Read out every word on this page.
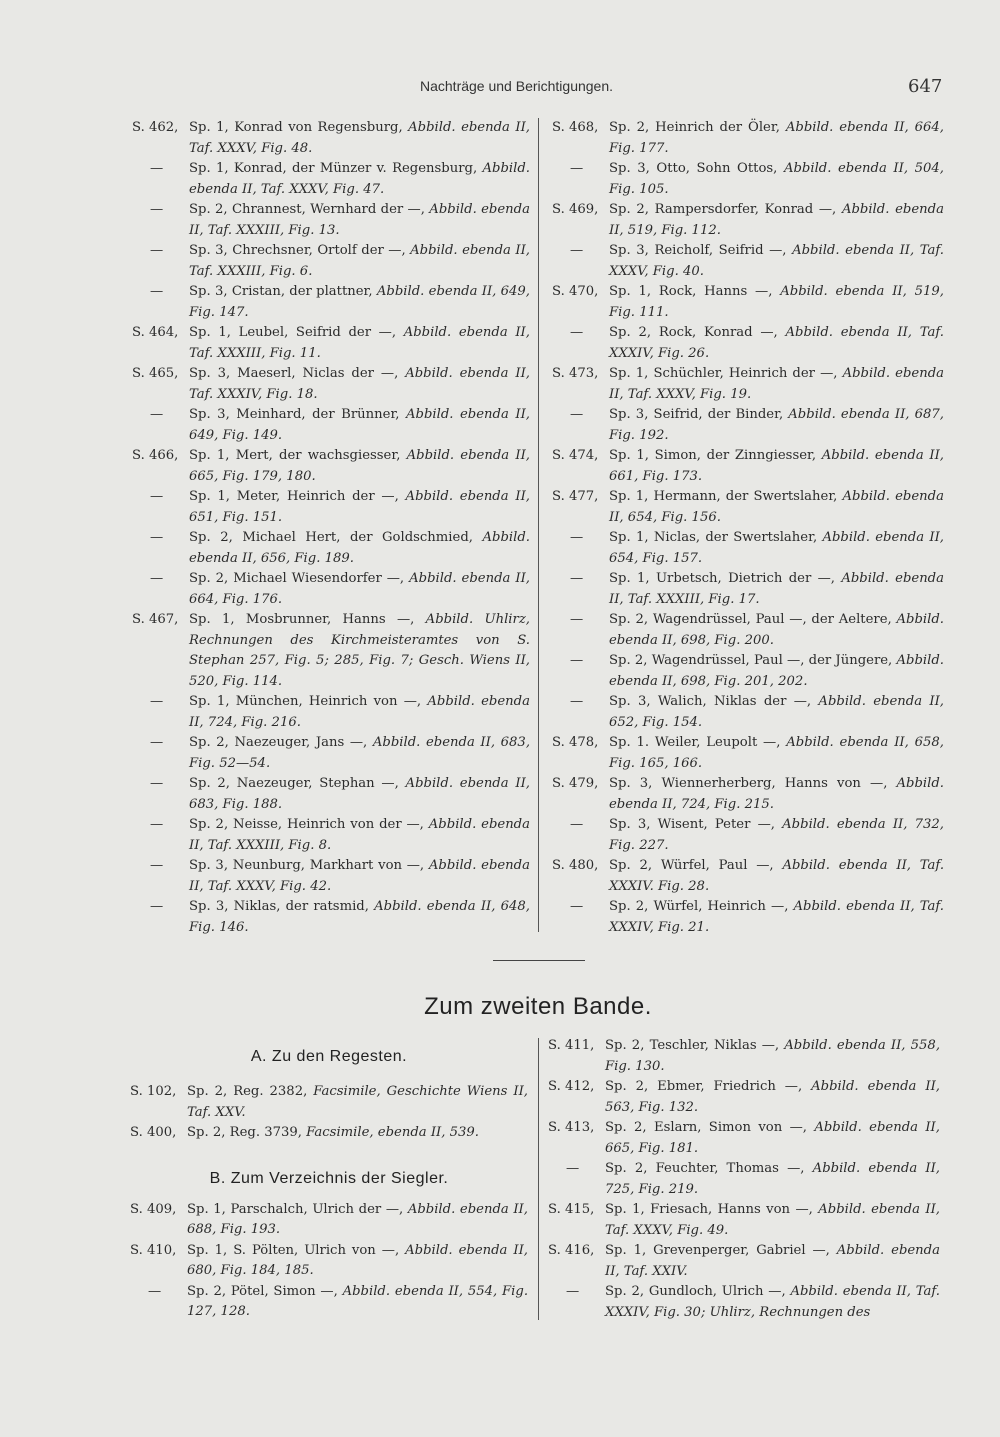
Nachträge und Berichtigungen.	647
S. 462, Sp. 1, Konrad von Regensburg, Abbild. ebenda II, Taf. XXXV, Fig. 48.
—	Sp. 1, Konrad, der Münzer v. Regensburg, Abbild. ebenda II, Taf. XXXV, Fig. 47.
—	Sp. 2, Chrannest, Wernhard der —, Abbild. ebenda II, Taf. XXXIII, Fig. 13.
—	Sp. 3, Chrechsner, Ortolf der —, Abbild. ebenda II, Taf. XXXIII, Fig. 6.
—	Sp. 3, Cristan, der plattner, Abbild. ebenda II, 649, Fig. 147.
S. 464, Sp. 1, Leubel, Seifrid der —, Abbild. ebenda II, Taf. XXXIII, Fig. 11.
S. 465, Sp. 3, Maeserl, Niclas der —, Abbild. ebenda II, Taf. XXXIV, Fig. 18.
—	Sp. 3, Meinhard, der Brünner, Abbild. ebenda II, 649, Fig. 149.
S. 466, Sp. 1, Mert, der wachsgiesser, Abbild. ebenda II, 665, Fig. 179, 180.
—	Sp. 1, Meter, Heinrich der —, Abbild. ebenda II, 651, Fig. 151.
—	Sp. 2, Michael Hert, der Goldschmied, Abbild. ebenda II, 656, Fig. 189.
—	Sp. 2, Michael Wiesendorfer —, Abbild. ebenda II, 664, Fig. 176.
S. 467, Sp. 1, Mosbrunner, Hanns —, Abbild. Uhlirz, Rechnungen des Kirchmeisteramtes von S. Stephan 257, Fig. 5; 285, Fig. 7; Gesch. Wiens II, 520, Fig. 114.
—	Sp. 1, München, Heinrich von —, Abbild. ebenda II, 724, Fig. 216.
—	Sp. 2, Naezeuger, Jans —, Abbild. ebenda II, 683, Fig. 52—54.
—	Sp. 2, Naezeuger, Stephan —, Abbild. ebenda II, 683, Fig. 188.
—	Sp. 2, Neisse, Heinrich von der —, Abbild. ebenda II, Taf. XXXIII, Fig. 8.
—	Sp. 3, Neunburg, Markhart von —, Abbild. ebenda II, Taf. XXXV, Fig. 42.
—	Sp. 3, Niklas, der ratsmid, Abbild. ebenda II, 648, Fig. 146.
S. 468, Sp. 2, Heinrich der Öler, Abbild. ebenda II, 664, Fig. 177.
—	Sp. 3, Otto, Sohn Ottos, Abbild. ebenda II, 504, Fig. 105.
S. 469, Sp. 2, Rampersdorfer, Konrad —, Abbild. ebenda II, 519, Fig. 112.
—	Sp. 3, Reicholf, Seifrid —, Abbild. ebenda II, Taf. XXXV, Fig. 40.
S. 470, Sp. 1, Rock, Hanns —, Abbild. ebenda II, 519, Fig. 111.
—	Sp. 2, Rock, Konrad —, Abbild. ebenda II, Taf. XXXIV, Fig. 26.
S. 473, Sp. 1, Schüchler, Heinrich der —, Abbild. ebenda II, Taf. XXXV, Fig. 19.
—	Sp. 3, Seifrid, der Binder, Abbild. ebenda II, 687, Fig. 192.
S. 474, Sp. 1, Simon, der Zinngiesser, Abbild. ebenda II, 661, Fig. 173.
S. 477, Sp. 1, Hermann, der Swertslaher, Abbild. ebenda II, 654, Fig. 156.
—	Sp. 1, Niclas, der Swertslaher, Abbild. ebenda II, 654, Fig. 157.
—	Sp. 1, Urbetsch, Dietrich der —, Abbild. ebenda II, Taf. XXXIII, Fig. 17.
—	Sp. 2, Wagendrüssel, Paul —, der Aeltere, Abbild. ebenda II, 698, Fig. 200.
—	Sp. 2, Wagendrüssel, Paul —, der Jüngere, Abbild. ebenda II, 698, Fig. 201, 202.
—	Sp. 3, Walich, Niklas der —, Abbild. ebenda II, 652, Fig. 154.
S. 478, Sp. 1. Weiler, Leupolt —, Abbild. ebenda II, 658, Fig. 165, 166.
S. 479, Sp. 3, Wiennerherberg, Hanns von —, Abbild. ebenda II, 724, Fig. 215.
—	Sp. 3, Wisent, Peter —, Abbild. ebenda II, 732, Fig. 227.
S. 480, Sp. 2, Würfel, Paul —, Abbild. ebenda II, Taf. XXXIV. Fig. 28.
—	Sp. 2, Würfel, Heinrich —, Abbild. ebenda II, Taf. XXXIV, Fig. 21.
Zum zweiten Bande.
A. Zu den Regesten.
S. 102, Sp. 2, Reg. 2382, Facsimile, Geschichte Wiens II, Taf. XXV.
S. 400, Sp. 2, Reg. 3739, Facsimile, ebenda II, 539.
S. 409, Sp. 1, Parschalch, Ulrich der —, Abbild. ebenda II, 688, Fig. 193.
S. 410, Sp. 1, S. Pölten, Ulrich von —, Abbild. ebenda II, 680, Fig. 184, 185.
—	Sp. 2, Pötel, Simon —, Abbild. ebenda II, 554, Fig. 127, 128.
B. Zum Verzeichnis der Siegler.
S. 411, Sp. 2, Teschler, Niklas —, Abbild. ebenda II, 558, Fig. 130.
S. 412, Sp. 2, Ebmer, Friedrich —, Abbild. ebenda II, 563, Fig. 132.
S. 413, Sp. 2, Eslarn, Simon von —, Abbild. ebenda II, 665, Fig. 181.
—	Sp. 2, Feuchter, Thomas —, Abbild. ebenda II, 725, Fig. 219.
S. 415, Sp. 1, Friesach, Hanns von —, Abbild. ebenda II, Taf. XXXV, Fig. 49.
S. 416, Sp. 1, Grevenperger, Gabriel —, Abbild. ebenda II, Taf. XXIV.
—	Sp. 2, Gundloch, Ulrich —, Abbild. ebenda II, Taf. XXXIV, Fig. 30; Uhlirz, Rechnungen des
